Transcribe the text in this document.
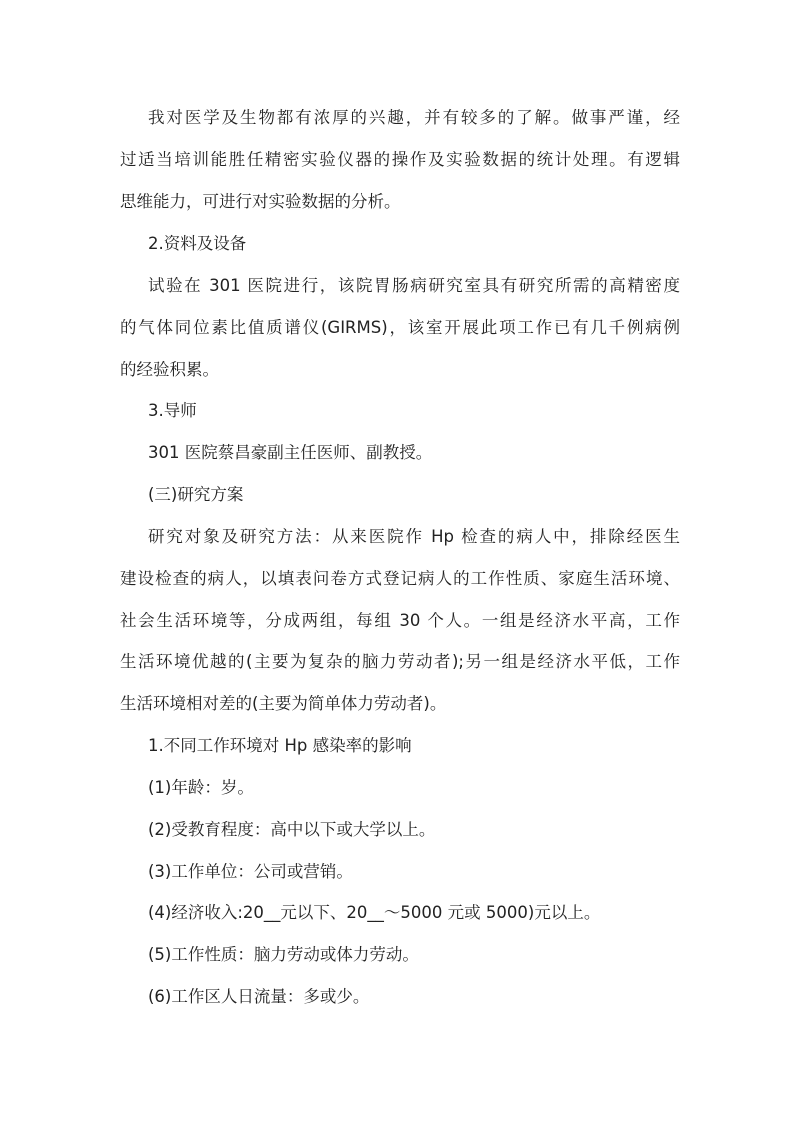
我对医学及生物都有浓厚的兴趣，并有较多的了解。做事严谨，经
过适当培训能胜任精密实验仪器的操作及实验数据的统计处理。有逻辑
思维能力，可进行对实验数据的分析。
2.资料及设备
试验在 301 医院进行，该院胃肠病研究室具有研究所需的高精密度
的气体同位素比值质谱仪(GIRMS)，该室开展此项工作已有几千例病例
的经验积累。
3.导师
301 医院蔡昌豪副主任医师、副教授。
(三)研究方案
研究对象及研究方法：从来医院作 Hp 检查的病人中，排除经医生
建设检查的病人，以填表问卷方式登记病人的工作性质、家庭生活环境、
社会生活环境等，分成两组，每组 30 个人。一组是经济水平高，工作
生活环境优越的(主要为复杂的脑力劳动者);另一组是经济水平低，工作
生活环境相对差的(主要为简单体力劳动者)。
1.不同工作环境对 Hp 感染率的影响
(1)年龄：岁。
(2)受教育程度：高中以下或大学以上。
(3)工作单位：公司或营销。
(4)经济收入:20__元以下、20__～5000 元或 5000)元以上。
(5)工作性质：脑力劳动或体力劳动。
(6)工作区人日流量：多或少。
